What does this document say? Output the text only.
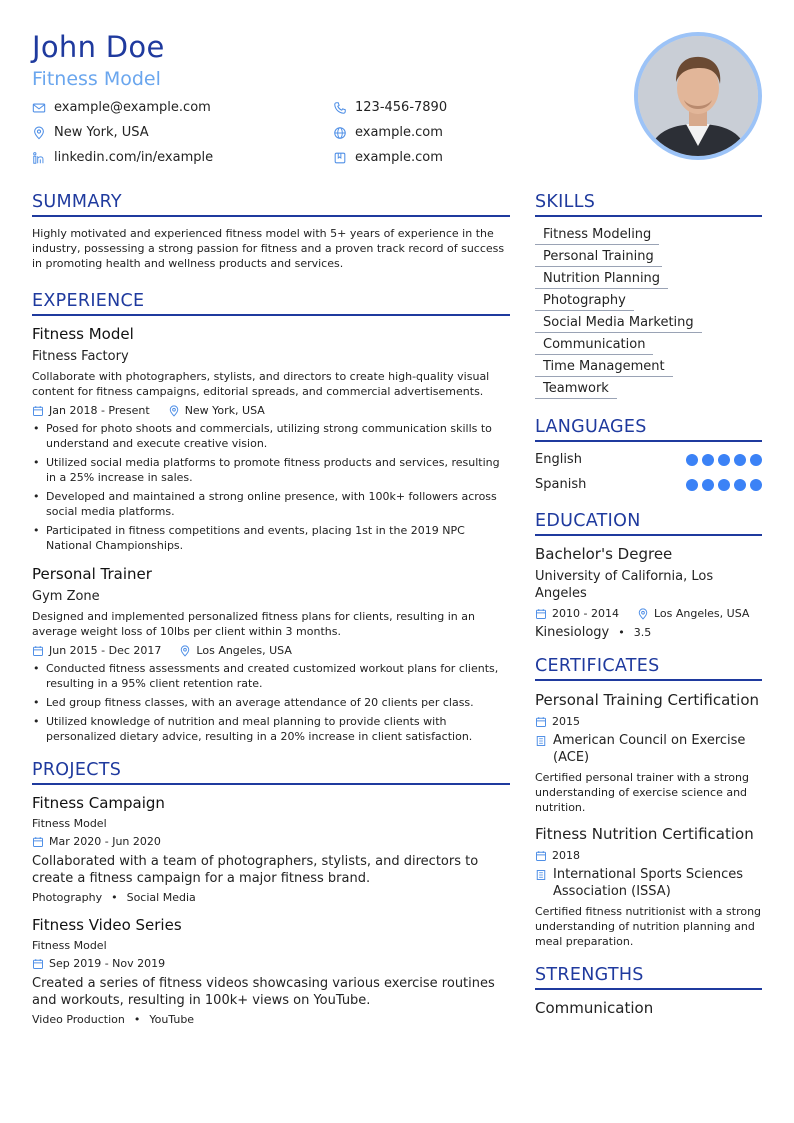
John Doe
Fitness Model
example@example.com	123-456-7890
New York, USA	example.com
linkedin.com/in/example	example.com
SUMMARY
Highly motivated and experienced fitness model with 5+ years of experience in the industry, possessing a strong passion for fitness and a proven track record of success in promoting health and wellness products and services.
EXPERIENCE
Fitness Model
Fitness Factory
Collaborate with photographers, stylists, and directors to create high-quality visual content for fitness campaigns, editorial spreads, and commercial advertisements.
Jan 2018 - Present	New York, USA
• Posed for photo shoots and commercials, utilizing strong communication skills to understand and execute creative vision.
• Utilized social media platforms to promote fitness products and services, resulting in a 25% increase in sales.
• Developed and maintained a strong online presence, with 100k+ followers across social media platforms.
• Participated in fitness competitions and events, placing 1st in the 2019 NPC National Championships.
Personal Trainer
Gym Zone
Designed and implemented personalized fitness plans for clients, resulting in an average weight loss of 10lbs per client within 3 months.
Jun 2015 - Dec 2017	Los Angeles, USA
• Conducted fitness assessments and created customized workout plans for clients, resulting in a 95% client retention rate.
• Led group fitness classes, with an average attendance of 20 clients per class.
• Utilized knowledge of nutrition and meal planning to provide clients with personalized dietary advice, resulting in a 20% increase in client satisfaction.
PROJECTS
Fitness Campaign
Fitness Model
Mar 2020 - Jun 2020
Collaborated with a team of photographers, stylists, and directors to create a fitness campaign for a major fitness brand.
Photography • Social Media
Fitness Video Series
Fitness Model
Sep 2019 - Nov 2019
Created a series of fitness videos showcasing various exercise routines and workouts, resulting in 100k+ views on YouTube.
Video Production • YouTube
SKILLS
Fitness Modeling
Personal Training
Nutrition Planning
Photography
Social Media Marketing
Communication
Time Management
Teamwork
LANGUAGES
English
Spanish
EDUCATION
Bachelor's Degree
University of California, Los Angeles
2010 - 2014	Los Angeles, USA
Kinesiology • 3.5
CERTIFICATES
Personal Training Certification
2015
American Council on Exercise (ACE)
Certified personal trainer with a strong understanding of exercise science and nutrition.
Fitness Nutrition Certification
2018
International Sports Sciences Association (ISSA)
Certified fitness nutritionist with a strong understanding of nutrition planning and meal preparation.
STRENGTHS
Communication
